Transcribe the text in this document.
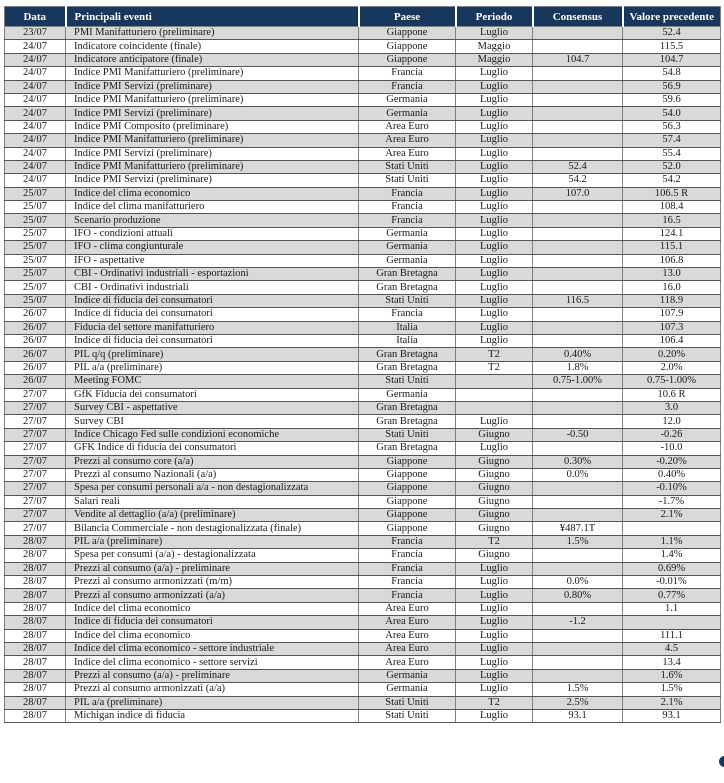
Data	Principali eventi	Paese	Periodo	Consensus	Valore precedente
23/07	PMI Manifatturiero (preliminare)	Giappone	Luglio		52.4
24/07	Indicatore coincidente (finale)	Giappone	Maggio		115.5
24/07	Indicatore anticipatore (finale)	Giappone	Maggio	104.7	104.7
24/07	Indice PMI Manifatturiero (preliminare)	Francia	Luglio		54.8
24/07	Indice PMI Servizi (preliminare)	Francia	Luglio		56.9
24/07	Indice PMI Manifatturiero (preliminare)	Germania	Luglio		59.6
24/07	Indice PMI Servizi (preliminare)	Germania	Luglio		54.0
24/07	Indice PMI Composito (preliminare)	Area Euro	Luglio		56.3
24/07	Indice PMI Manifatturiero (preliminare)	Area Euro	Luglio		57.4
24/07	Indice PMI Servizi (preliminare)	Area Euro	Luglio		55.4
24/07	Indice PMI Manifatturiero (preliminare)	Stati Uniti	Luglio	52.4	52.0
24/07	Indice PMI Servizi (preliminare)	Stati Uniti	Luglio	54.2	54.2
25/07	Indice del clima economico	Francia	Luglio	107.0	106.5 R
25/07	Indice del clima manifatturiero	Francia	Luglio		108.4
25/07	Scenario produzione	Francia	Luglio		16.5
25/07	IFO - condizioni attuali	Germania	Luglio		124.1
25/07	IFO - clima congiunturale	Germania	Luglio		115.1
25/07	IFO - aspettative	Germania	Luglio		106.8
25/07	CBI - Ordinativi industriali - esportazioni	Gran Bretagna	Luglio		13.0
25/07	CBI - Ordinativi industriali	Gran Bretagna	Luglio		16.0
25/07	Indice di fiducia dei consumatori	Stati Uniti	Luglio	116.5	118.9
26/07	Indice di fiducia dei consumatori	Francia	Luglio		107.9
26/07	Fiducia del settore manifatturiero	Italia	Luglio		107.3
26/07	Indice di fiducia dei consumatori	Italia	Luglio		106.4
26/07	PIL q/q (preliminare)	Gran Bretagna	T2	0.40%	0.20%
26/07	PIL a/a (preliminare)	Gran Bretagna	T2	1.8%	2.0%
26/07	Meeting FOMC	Stati Uniti		0.75-1.00%	0.75-1.00%
27/07	GfK Fiducia dei consumatori	Germania			10.6 R
27/07	Survey CBI - aspettative	Gran Bretagna			3.0
27/07	Survey CBI	Gran Bretagna	Luglio		12.0
27/07	Indice Chicago Fed sulle condizioni economiche	Stati Uniti	Giugno	-0.50	-0.26
27/07	GFK Indice di fiducia dei consumatori	Gran Bretagna	Luglio		-10.0
27/07	Prezzi al consumo core (a/a)	Giappone	Giugno	0.30%	-0.20%
27/07	Prezzi al consumo Nazionali (a/a)	Giappone	Giugno	0.0%	0.40%
27/07	Spesa per consumi personali a/a - non destagionalizzata	Giappone	Giugno		-0.10%
27/07	Salari reali	Giappone	Giugno		-1.7%
27/07	Vendite al dettaglio (a/a) (preliminare)	Giappone	Giugno		2.1%
27/07	Bilancia Commerciale - non destagionalizzata (finale)	Giappone	Giugno	¥487.1T	
28/07	PIL a/a (preliminare)	Francia	T2	1.5%	1.1%
28/07	Spesa per consumi (a/a) - destagionalizzata	Francia	Giugno		1.4%
28/07	Prezzi al consumo (a/a) - preliminare	Francia	Luglio		0.69%
28/07	Prezzi al consumo armonizzati (m/m)	Francia	Luglio	0.0%	-0.01%
28/07	Prezzi al consumo armonizzati (a/a)	Francia	Luglio	0.80%	0.77%
28/07	Indice del clima economico	Area Euro	Luglio		1.1
28/07	Indice di fiducia dei consumatori	Area Euro	Luglio	-1.2	
28/07	Indice del clima economico	Area Euro	Luglio		111.1
28/07	Indice del clima economico - settore industriale	Area Euro	Luglio		4.5
28/07	Indice del clima economico - settore servizi	Area Euro	Luglio		13.4
28/07	Prezzi al consumo (a/a) - preliminare	Germania	Luglio		1.6%
28/07	Prezzi al consumo armonizzati (a/a)	Germania	Luglio	1.5%	1.5%
28/07	PIL a/a (preliminare)	Stati Uniti	T2	2.5%	2.1%
28/07	Michigan indice di fiducia	Stati Uniti	Luglio	93.1	93.1
